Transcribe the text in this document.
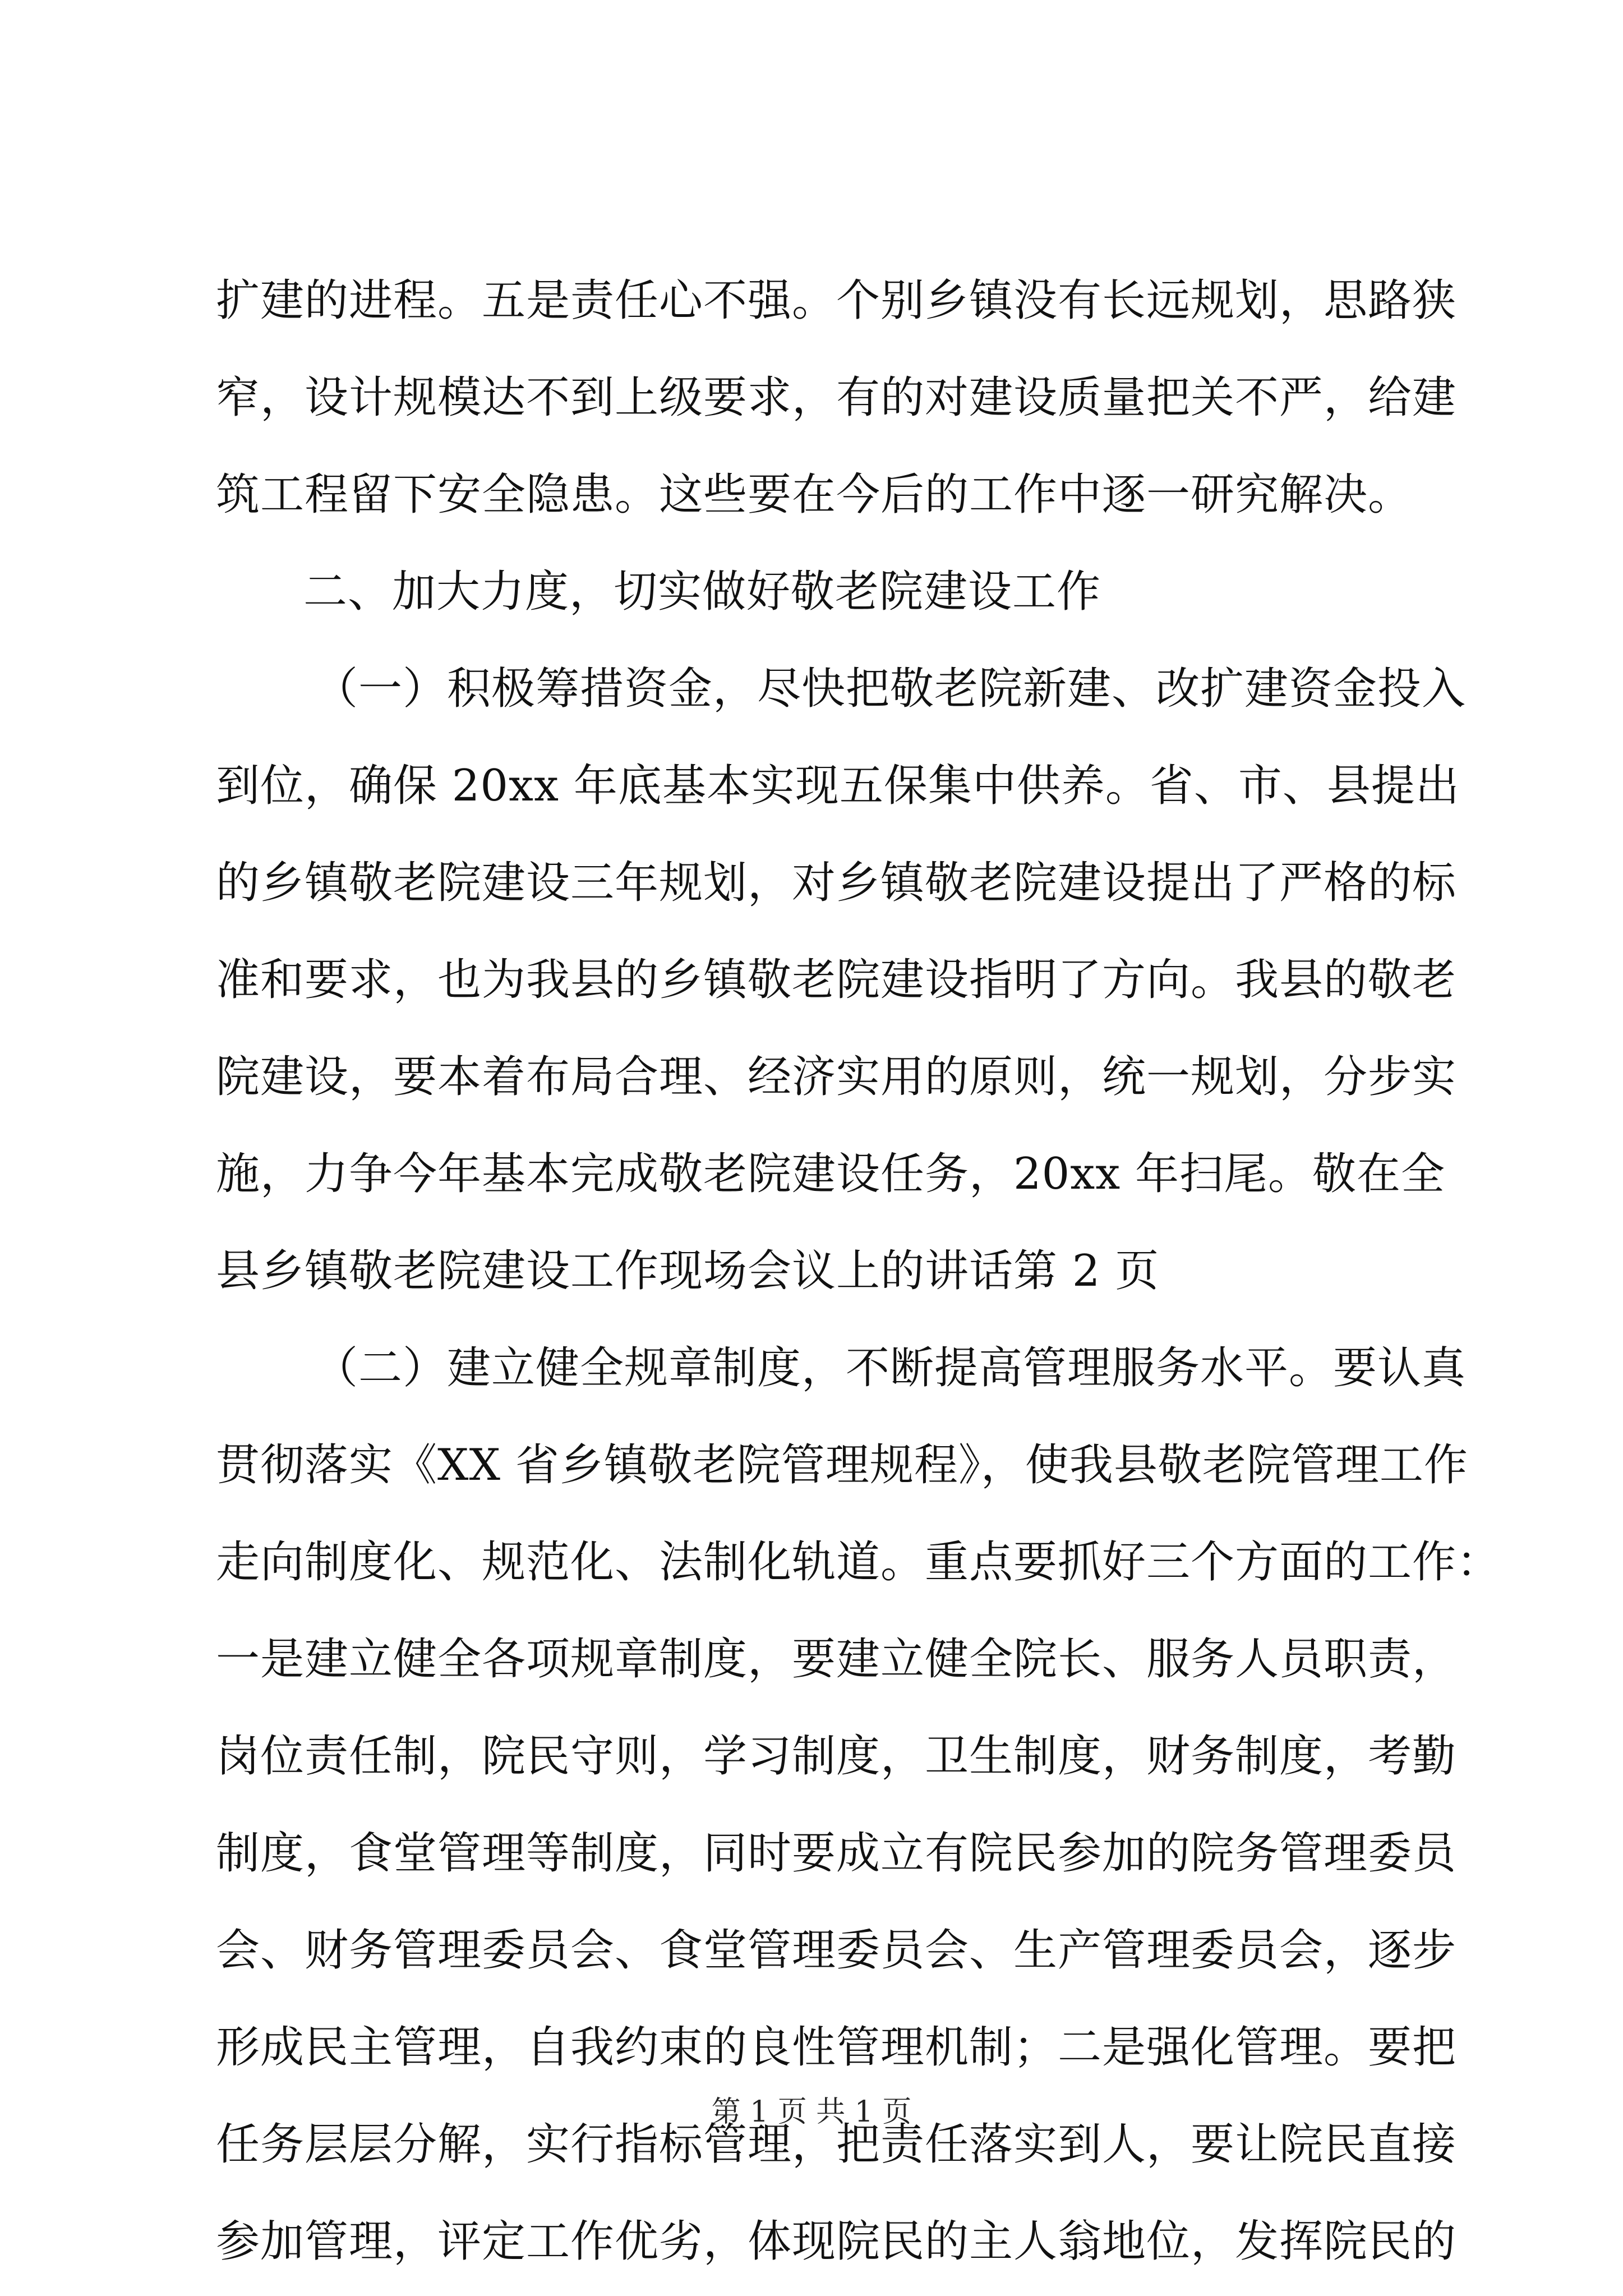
扩建的进程。五是责任心不强。个别乡镇没有长远规划，思路狭
窄，设计规模达不到上级要求，有的对建设质量把关不严，给建
筑工程留下安全隐患。这些要在今后的工作中逐一研究解决。
二、加大力度，切实做好敬老院建设工作
（一）积极筹措资金，尽快把敬老院新建、改扩建资金投入
到位，确保 20xx 年底基本实现五保集中供养。省、市、县提出
的乡镇敬老院建设三年规划，对乡镇敬老院建设提出了严格的标
准和要求，也为我县的乡镇敬老院建设指明了方向。我县的敬老
院建设，要本着布局合理、经济实用的原则，统一规划，分步实
施，力争今年基本完成敬老院建设任务，20xx 年扫尾。敬在全
县乡镇敬老院建设工作现场会议上的讲话第 2 页
（二）建立健全规章制度，不断提高管理服务水平。要认真
贯彻落实《XX 省乡镇敬老院管理规程》，使我县敬老院管理工作
走向制度化、规范化、法制化轨道。重点要抓好三个方面的工作：
一是建立健全各项规章制度，要建立健全院长、服务人员职责，
岗位责任制，院民守则，学习制度，卫生制度，财务制度，考勤
制度，食堂管理等制度，同时要成立有院民参加的院务管理委员
会、财务管理委员会、食堂管理委员会、生产管理委员会，逐步
形成民主管理，自我约束的良性管理机制；二是强化管理。要把
任务层层分解，实行指标管理，把责任落实到人，要让院民直接
参加管理，评定工作优劣，体现院民的主人翁地位，发挥院民的
第 1 页 共 1 页
